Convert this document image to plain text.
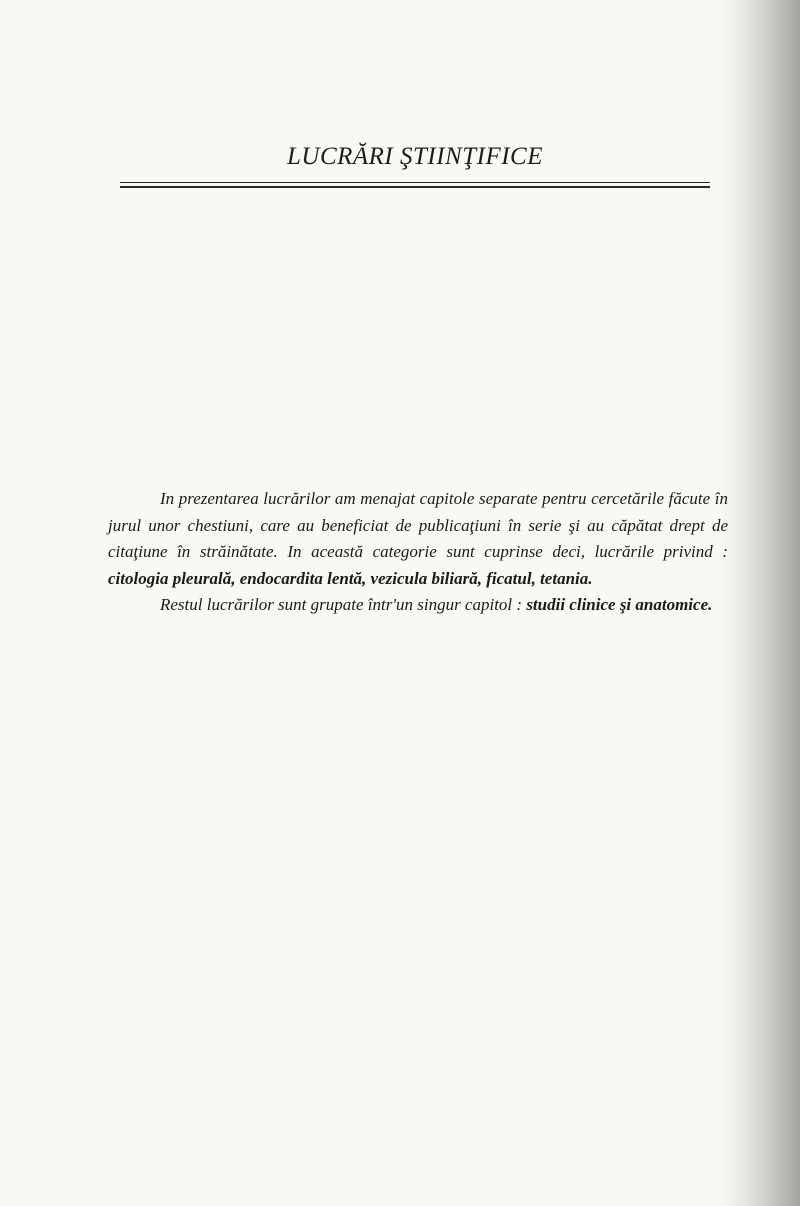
LUCRĂRI ŞTIINŢIFICE

In prezentarea lucrărilor am menajat capitole separate pentru cercetările făcute în jurul unor chestiuni, care au beneficiat de publicaţiuni în serie şi au căpătat drept de citaţiune în străinătate. In această categorie sunt cuprinse deci, lucrările privind : citologia pleurală, endocardita lentă, vezicula biliară, ficatul, tetania.

Restul lucrărilor sunt grupate într'un singur capitol : studii clinice şi anatomice.
